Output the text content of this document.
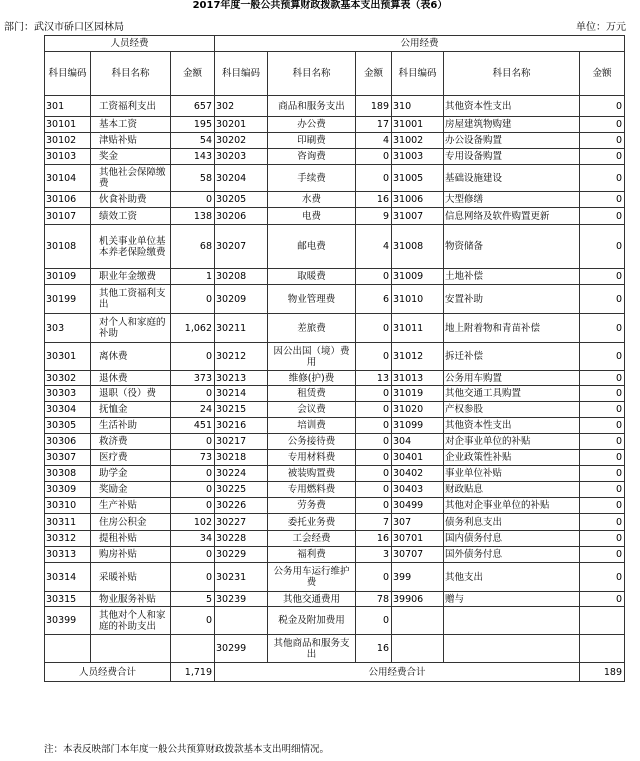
2017年度一般公共预算财政拨款基本支出预算表（表6）
部门：武汉市硚口区园林局	单位：万元
人员经费			公用经费					
科目编码	科目名称	金额	科目编码	科目名称	金额	科目编码	科目名称	金额
301	工资福利支出	657	302	商品和服务支出	189	310	其他资本性支出	0
30101	基本工资	195	30201	办公费	17	31001	房屋建筑物购建	0
30102	津贴补贴	54	30202	印刷费	4	31002	办公设备购置	0
30103	奖金	143	30203	咨询费	0	31003	专用设备购置	0
30104	其他社会保障缴费	58	30204	手续费	0	31005	基础设施建设	0
30106	伙食补助费	0	30205	水费	16	31006	大型修缮	0
30107	绩效工资	138	30206	电费	9	31007	信息网络及软件购置更新	0
30108	机关事业单位基本养老保险缴费	68	30207	邮电费	4	31008	物资储备	0
30109	职业年金缴费	1	30208	取暖费	0	31009	土地补偿	0
30199	其他工资福利支出	0	30209	物业管理费	6	31010	安置补助	0
303	对个人和家庭的补助	1,062	30211	差旅费	0	31011	地上附着物和青苗补偿	0
30301	离休费	0	30212	因公出国（境）费用	0	31012	拆迁补偿	0
30302	退休费	373	30213	维修(护)费	13	31013	公务用车购置	0
30303	退职（役）费	0	30214	租赁费	0	31019	其他交通工具购置	0
30304	抚恤金	24	30215	会议费	0	31020	产权参股	0
30305	生活补助	451	30216	培训费	0	31099	其他资本性支出	0
30306	救济费	0	30217	公务接待费	0	304	对企事业单位的补贴	0
30307	医疗费	73	30218	专用材料费	0	30401	企业政策性补贴	0
30308	助学金	0	30224	被装购置费	0	30402	事业单位补贴	0
30309	奖励金	0	30225	专用燃料费	0	30403	财政贴息	0
30310	生产补贴	0	30226	劳务费	0	30499	其他对企事业单位的补贴	0
30311	住房公积金	102	30227	委托业务费	7	307	债务利息支出	0
30312	提租补贴	34	30228	工会经费	16	30701	国内债务付息	0
30313	购房补贴	0	30229	福利费	3	30707	国外债务付息	0
30314	采暖补贴	0	30231	公务用车运行维护费	0	399	其他支出	0
30315	物业服务补贴	5	30239	其他交通费用	78	39906	赠与	0
30399	其他对个人和家庭的补助支出	0		税金及附加费用	0			
			30299	其他商品和服务支出	16			
人员经费合计		1,719	公用经费合计					189
注：本表反映部门本年度一般公共预算财政拨款基本支出明细情况。
